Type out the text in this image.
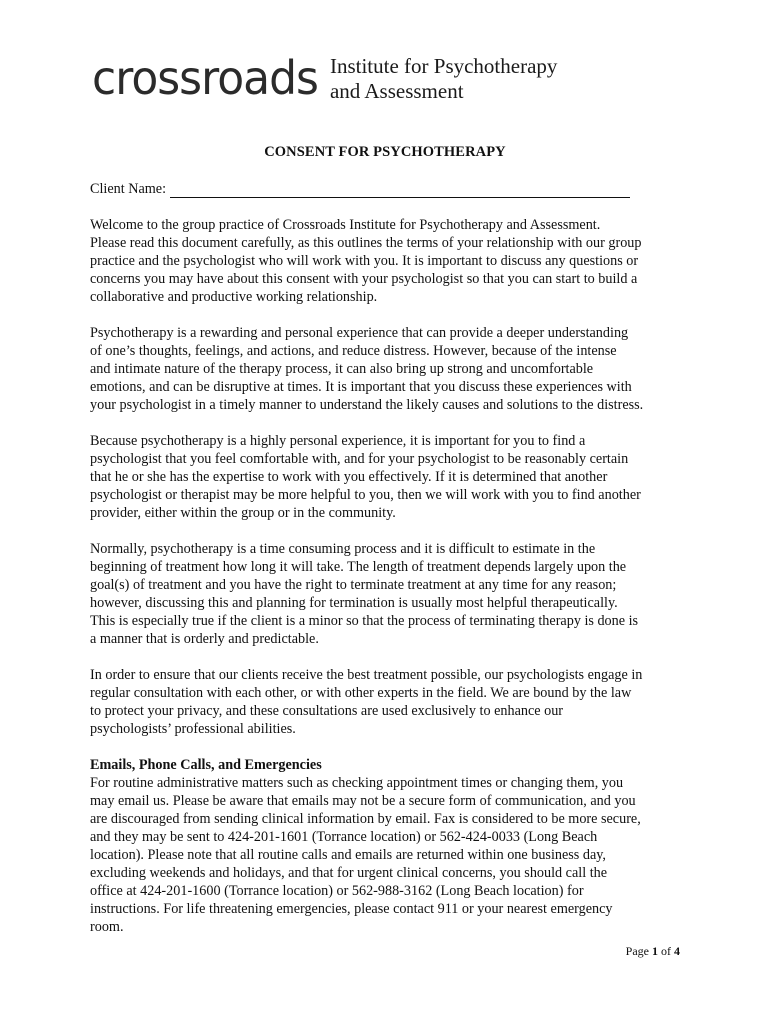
crossroads Institute for Psychotherapy
and Assessment
CONSENT FOR PSYCHOTHERAPY
Client Name:
Welcome to the group practice of Crossroads Institute for Psychotherapy and Assessment.
Please read this document carefully, as this outlines the terms of your relationship with our group
practice and the psychologist who will work with you. It is important to discuss any questions or
concerns you may have about this consent with your psychologist so that you can start to build a
collaborative and productive working relationship.
Psychotherapy is a rewarding and personal experience that can provide a deeper understanding
of one’s thoughts, feelings, and actions, and reduce distress. However, because of the intense
and intimate nature of the therapy process, it can also bring up strong and uncomfortable
emotions, and can be disruptive at times. It is important that you discuss these experiences with
your psychologist in a timely manner to understand the likely causes and solutions to the distress.
Because psychotherapy is a highly personal experience, it is important for you to find a
psychologist that you feel comfortable with, and for your psychologist to be reasonably certain
that he or she has the expertise to work with you effectively. If it is determined that another
psychologist or therapist may be more helpful to you, then we will work with you to find another
provider, either within the group or in the community.
Normally, psychotherapy is a time consuming process and it is difficult to estimate in the
beginning of treatment how long it will take. The length of treatment depends largely upon the
goal(s) of treatment and you have the right to terminate treatment at any time for any reason;
however, discussing this and planning for termination is usually most helpful therapeutically.
This is especially true if the client is a minor so that the process of terminating therapy is done is
a manner that is orderly and predictable.
In order to ensure that our clients receive the best treatment possible, our psychologists engage in
regular consultation with each other, or with other experts in the field. We are bound by the law
to protect your privacy, and these consultations are used exclusively to enhance our
psychologists’ professional abilities.
Emails, Phone Calls, and Emergencies
For routine administrative matters such as checking appointment times or changing them, you
may email us. Please be aware that emails may not be a secure form of communication, and you
are discouraged from sending clinical information by email. Fax is considered to be more secure,
and they may be sent to 424-201-1601 (Torrance location) or 562-424-0033 (Long Beach
location). Please note that all routine calls and emails are returned within one business day,
excluding weekends and holidays, and that for urgent clinical concerns, you should call the
office at 424-201-1600 (Torrance location) or 562-988-3162 (Long Beach location) for
instructions. For life threatening emergencies, please contact 911 or your nearest emergency
room.
Page 1 of 4
